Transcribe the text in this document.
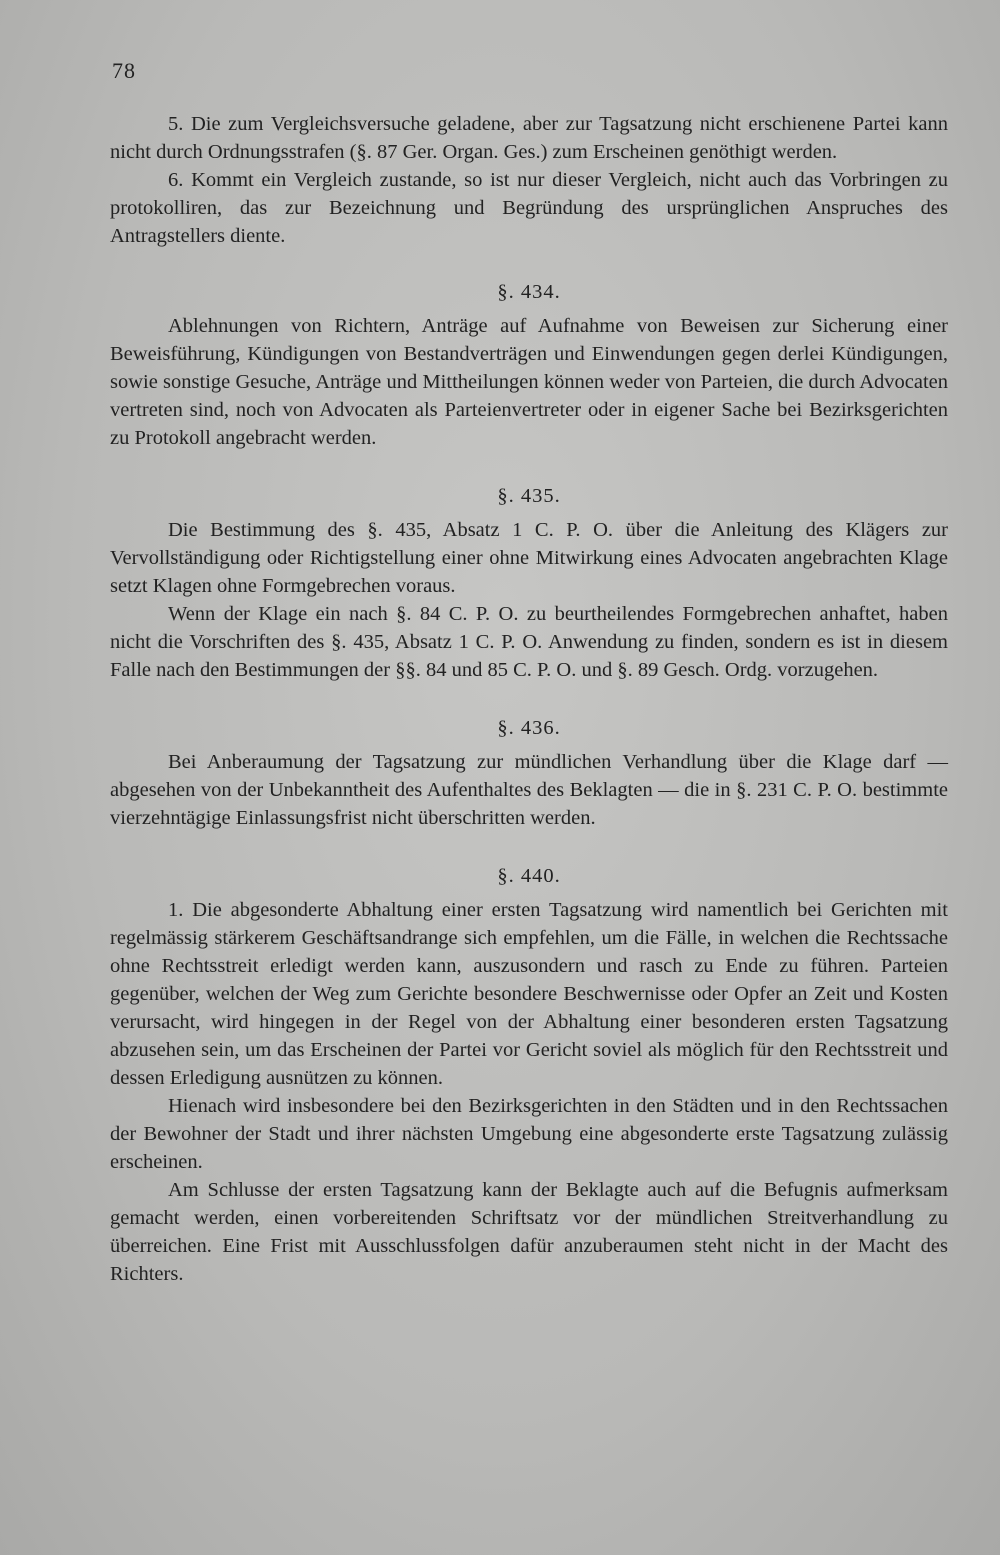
78

5. Die zum Vergleichsversuche geladene, aber zur Tagsatzung nicht erschienene Partei kann nicht durch Ordnungsstrafen (§. 87 Ger. Organ. Ges.) zum Erscheinen genöthigt werden.

6. Kommt ein Vergleich zustande, so ist nur dieser Vergleich, nicht auch das Vorbringen zu protokolliren, das zur Bezeichnung und Begründung des ursprünglichen Anspruches des Antragstellers diente.

§. 434.

Ablehnungen von Richtern, Anträge auf Aufnahme von Beweisen zur Sicherung einer Beweisführung, Kündigungen von Bestandverträgen und Einwendungen gegen derlei Kündigungen, sowie sonstige Gesuche, Anträge und Mittheilungen können weder von Parteien, die durch Advocaten vertreten sind, noch von Advocaten als Parteienvertreter oder in eigener Sache bei Bezirksgerichten zu Protokoll angebracht werden.

§. 435.

Die Bestimmung des §. 435, Absatz 1 C. P. O. über die Anleitung des Klägers zur Vervollständigung oder Richtigstellung einer ohne Mitwirkung eines Advocaten angebrachten Klage setzt Klagen ohne Formgebrechen voraus.

Wenn der Klage ein nach §. 84 C. P. O. zu beurtheilendes Formgebrechen anhaftet, haben nicht die Vorschriften des §. 435, Absatz 1 C. P. O. Anwendung zu finden, sondern es ist in diesem Falle nach den Bestimmungen der §§. 84 und 85 C. P. O. und §. 89 Gesch. Ordg. vorzugehen.

§. 436.

Bei Anberaumung der Tagsatzung zur mündlichen Verhandlung über die Klage darf — abgesehen von der Unbekanntheit des Aufenthaltes des Beklagten — die in §. 231 C. P. O. bestimmte vierzehntägige Einlassungsfrist nicht überschritten werden.

§. 440.

1. Die abgesonderte Abhaltung einer ersten Tagsatzung wird namentlich bei Gerichten mit regelmässig stärkerem Geschäftsandrange sich empfehlen, um die Fälle, in welchen die Rechtssache ohne Rechtsstreit erledigt werden kann, auszusondern und rasch zu Ende zu führen. Parteien gegenüber, welchen der Weg zum Gerichte besondere Beschwernisse oder Opfer an Zeit und Kosten verursacht, wird hingegen in der Regel von der Abhaltung einer besonderen ersten Tagsatzung abzusehen sein, um das Erscheinen der Partei vor Gericht soviel als möglich für den Rechtsstreit und dessen Erledigung ausnützen zu können.

Hienach wird insbesondere bei den Bezirksgerichten in den Städten und in den Rechtssachen der Bewohner der Stadt und ihrer nächsten Umgebung eine abgesonderte erste Tagsatzung zulässig erscheinen.

Am Schlusse der ersten Tagsatzung kann der Beklagte auch auf die Befugnis aufmerksam gemacht werden, einen vorbereitenden Schriftsatz vor der mündlichen Streitverhandlung zu überreichen. Eine Frist mit Ausschlussfolgen dafür anzuberaumen steht nicht in der Macht des Richters.
